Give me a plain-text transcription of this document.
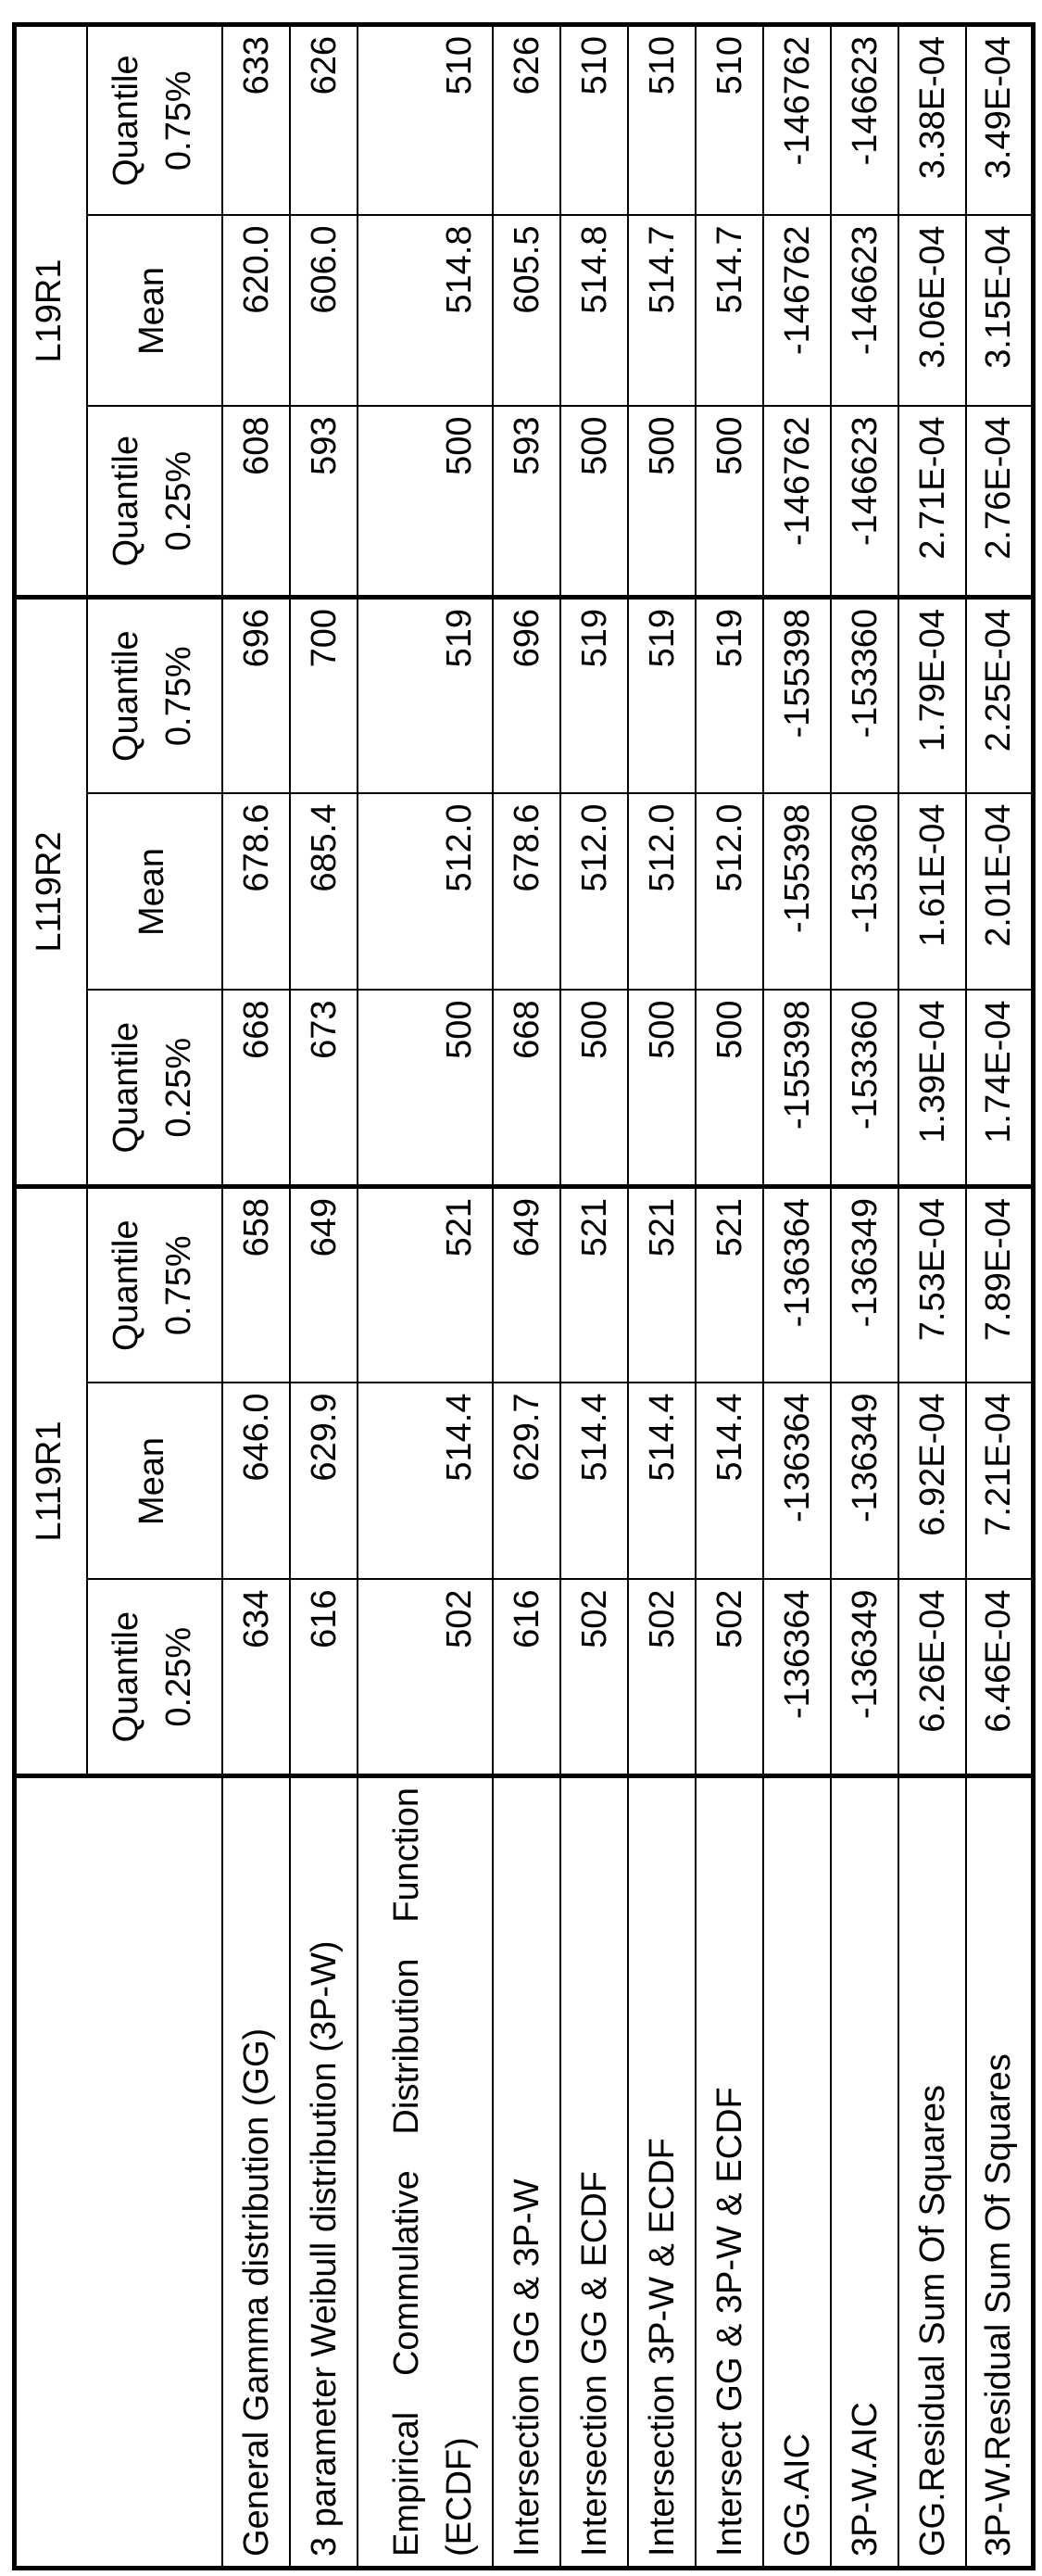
	L119R1	L119R2	L19R1
Quantile 0.25%	Mean	Quantile 0.75%	Quantile 0.25%	Mean	Quantile 0.75%	Quantile 0.25%	Mean	Quantile 0.75%
General Gamma distribution (GG)	634	646.0	658	668	678.6	696	608	620.0	633
3 parameter Weibull distribution (3P-W)	616	629.9	649	673	685.4	700	593	606.0	626
Empirical Commulative Distribution Function (ECDF)	502	514.4	521	500	512.0	519	500	514.8	510
Intersection GG & 3P-W	616	629.7	649	668	678.6	696	593	605.5	626
Intersection GG & ECDF	502	514.4	521	500	512.0	519	500	514.8	510
Intersection 3P-W & ECDF	502	514.4	521	500	512.0	519	500	514.7	510
Intersect GG & 3P-W & ECDF	502	514.4	521	500	512.0	519	500	514.7	510
GG.AIC	-136364	-136364	-136364	-155398	-155398	-155398	-146762	-146762	-146762
3P-W.AIC	-136349	-136349	-136349	-153360	-153360	-153360	-146623	-146623	-146623
GG.Residual Sum Of Squares	6.26E-04	6.92E-04	7.53E-04	1.39E-04	1.61E-04	1.79E-04	2.71E-04	3.06E-04	3.38E-04
3P-W.Residual Sum Of Squares	6.46E-04	7.21E-04	7.89E-04	1.74E-04	2.01E-04	2.25E-04	2.76E-04	3.15E-04	3.49E-04
